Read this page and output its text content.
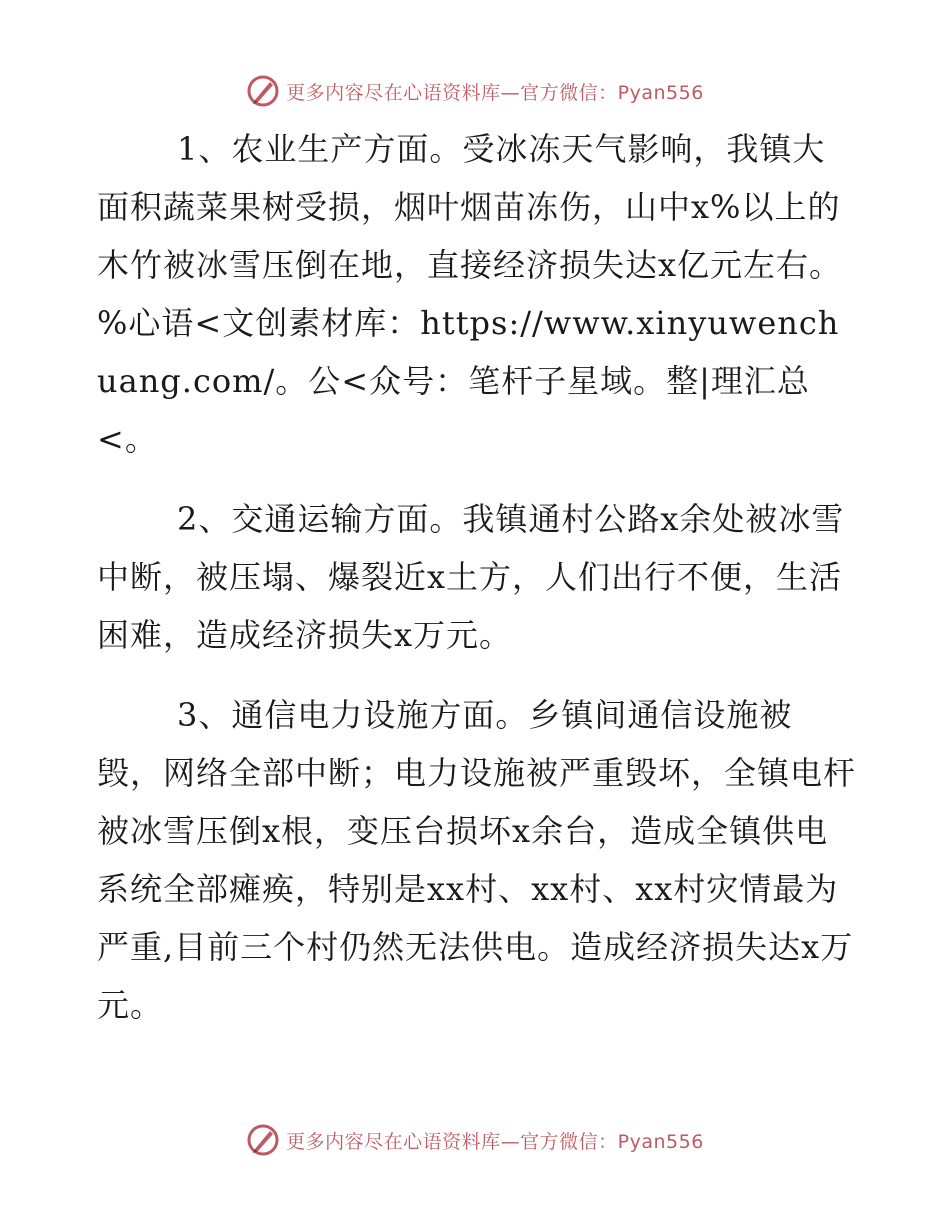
更多内容尽在心语资料库—官方微信：Pyan556

1、农业生产方面。受冰冻天气影响，我镇大面积蔬菜果树受损，烟叶烟苗冻伤，山中x%以上的木竹被冰雪压倒在地，直接经济损失达x亿元左右。%心语<文创素材库：https://www.xinyuwenchuang.com/。公<众号：笔杆子星域。整|理汇总<。

2、交通运输方面。我镇通村公路x余处被冰雪中断，被压塌、爆裂近x土方，人们出行不便，生活困难，造成经济损失x万元。

3、通信电力设施方面。乡镇间通信设施被毁，网络全部中断；电力设施被严重毁坏，全镇电杆被冰雪压倒x根，变压台损坏x余台，造成全镇供电系统全部瘫痪，特别是xx村、xx村、xx村灾情最为严重,目前三个村仍然无法供电。造成经济损失达x万元。

更多内容尽在心语资料库—官方微信：Pyan556
